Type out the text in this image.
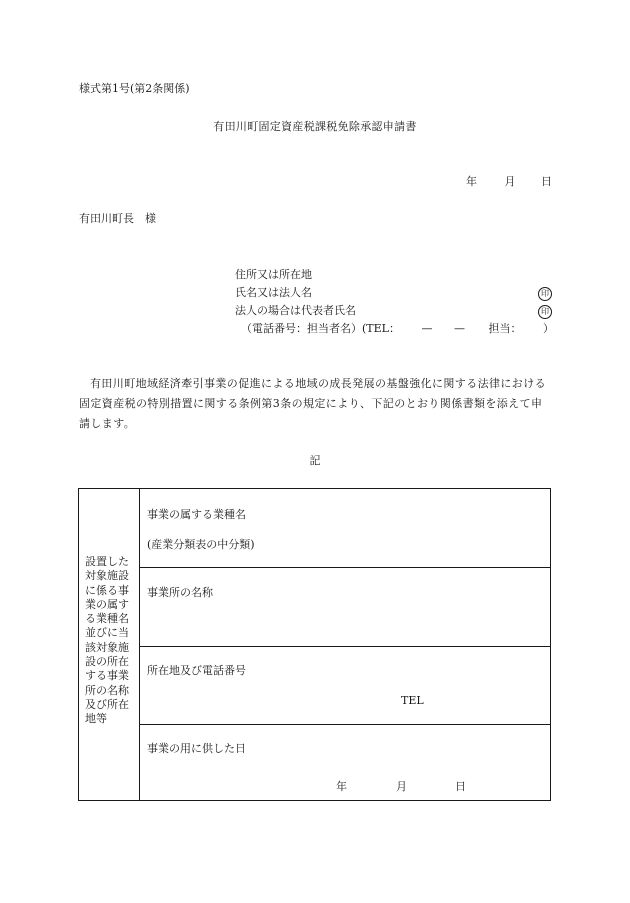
様式第1号(第2条関係)
有田川町固定資産税課税免除承認申請書
年	月 日
有田川町長　様
住所又は所在地
氏名又は法人名	印
法人の場合は代表者氏名	印
（電話番号：担当者名）(TEL： — — 担当： ）
有田川町地域経済牽引事業の促進による地域の成長発展の基盤強化に関する法律における固定資産税の特別措置に関する条例第3条の規定により、下記のとおり関係書類を添えて申請します。
記
設置した対象施設に係る事業の属する業種名並びに当該対象施設の所在する事業所の名称及び所在地等
事業の属する業種名
(産業分類表の中分類)
事業所の名称
所在地及び電話番号
TEL
事業の用に供した日
年	月	日
